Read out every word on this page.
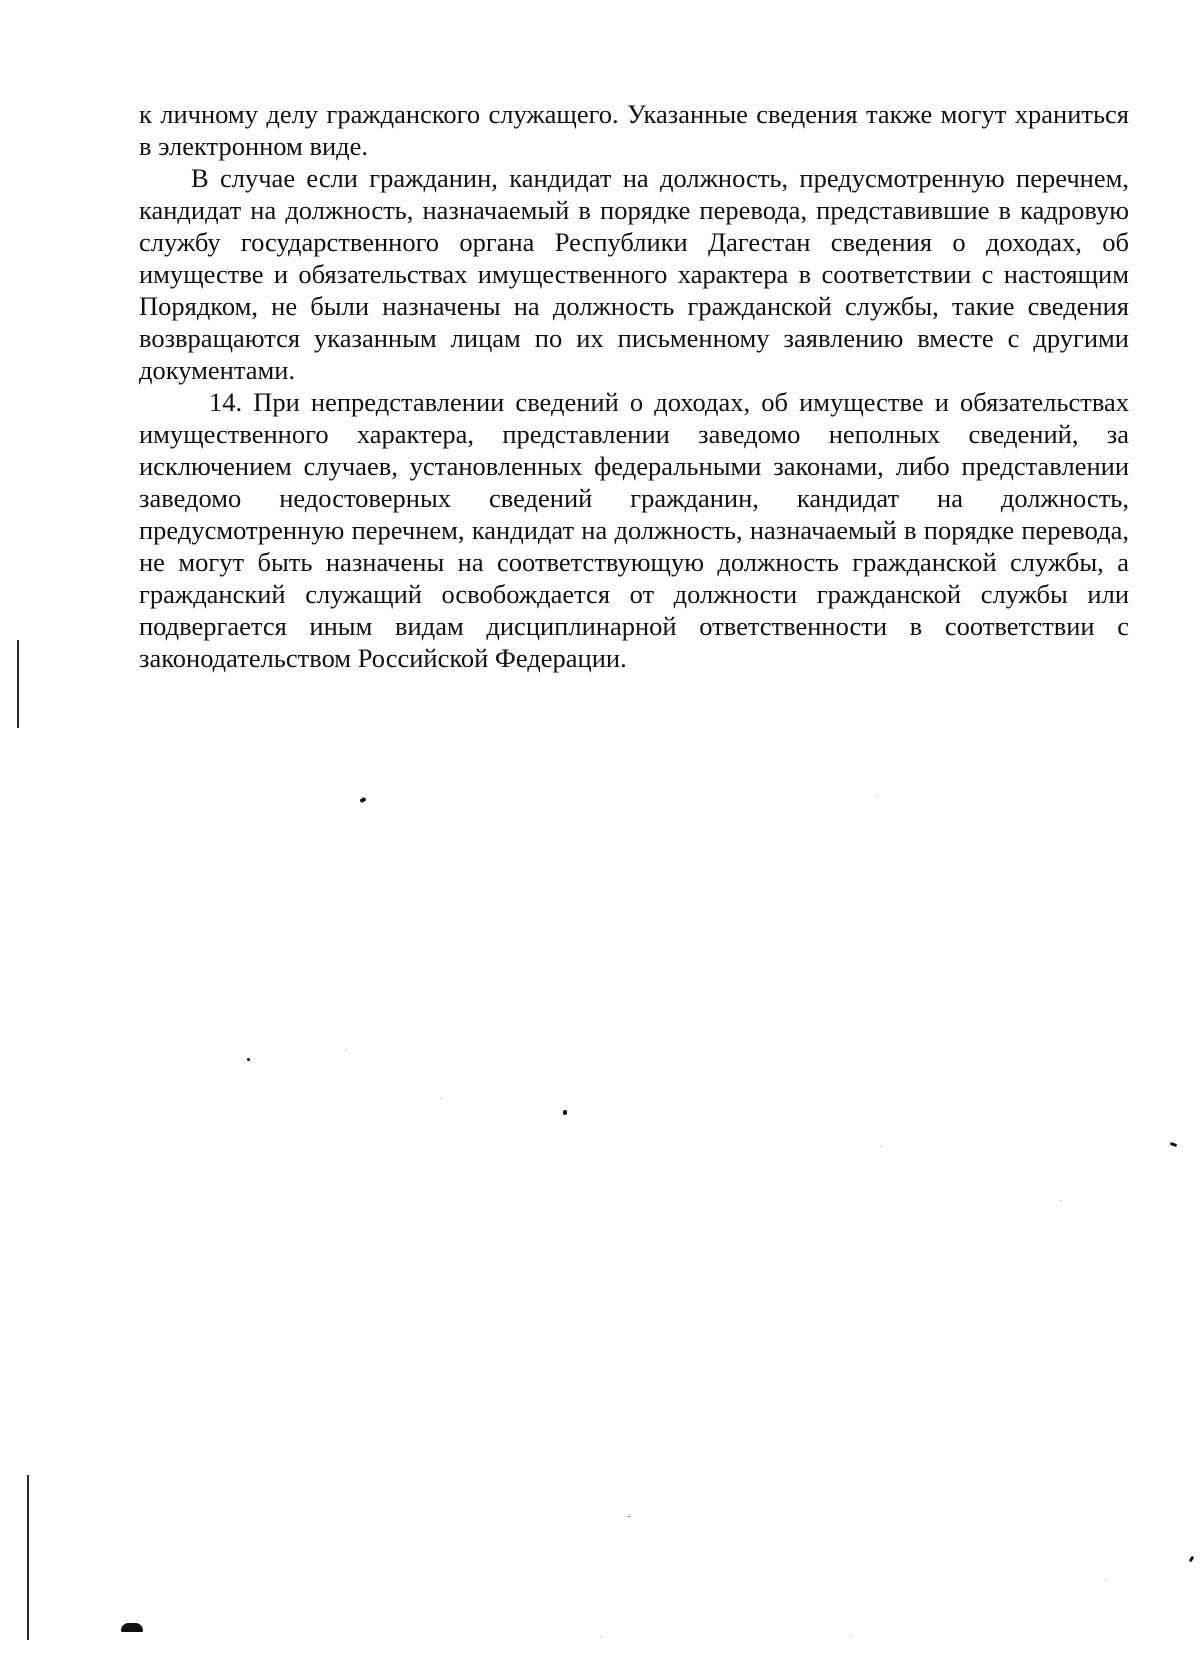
к личному делу гражданского служащего. Указанные сведения также могут храниться в электронном виде.

В случае если гражданин, кандидат на должность, предусмотренную перечнем, кандидат на должность, назначаемый в порядке перевода, представившие в кадровую службу государственного органа Республики Дагестан сведения о доходах, об имуществе и обязательствах имущественного характера в соответствии с настоящим Порядком, не были назначены на должность гражданской службы, такие сведения возвращаются указанным лицам по их письменному заявлению вместе с другими документами.

14. При непредставлении сведений о доходах, об имуществе и обязательствах имущественного характера, представлении заведомо неполных сведений, за исключением случаев, установленных федеральными законами, либо представлении заведомо недостоверных сведений гражданин, кандидат на должность, предусмотренную перечнем, кандидат на должность, назначаемый в порядке перевода, не могут быть назначены на соответствующую должность гражданской службы, а гражданский служащий освобождается от должности гражданской службы или подвергается иным видам дисциплинарной ответственности в соответствии с законодательством Российской Федерации.
